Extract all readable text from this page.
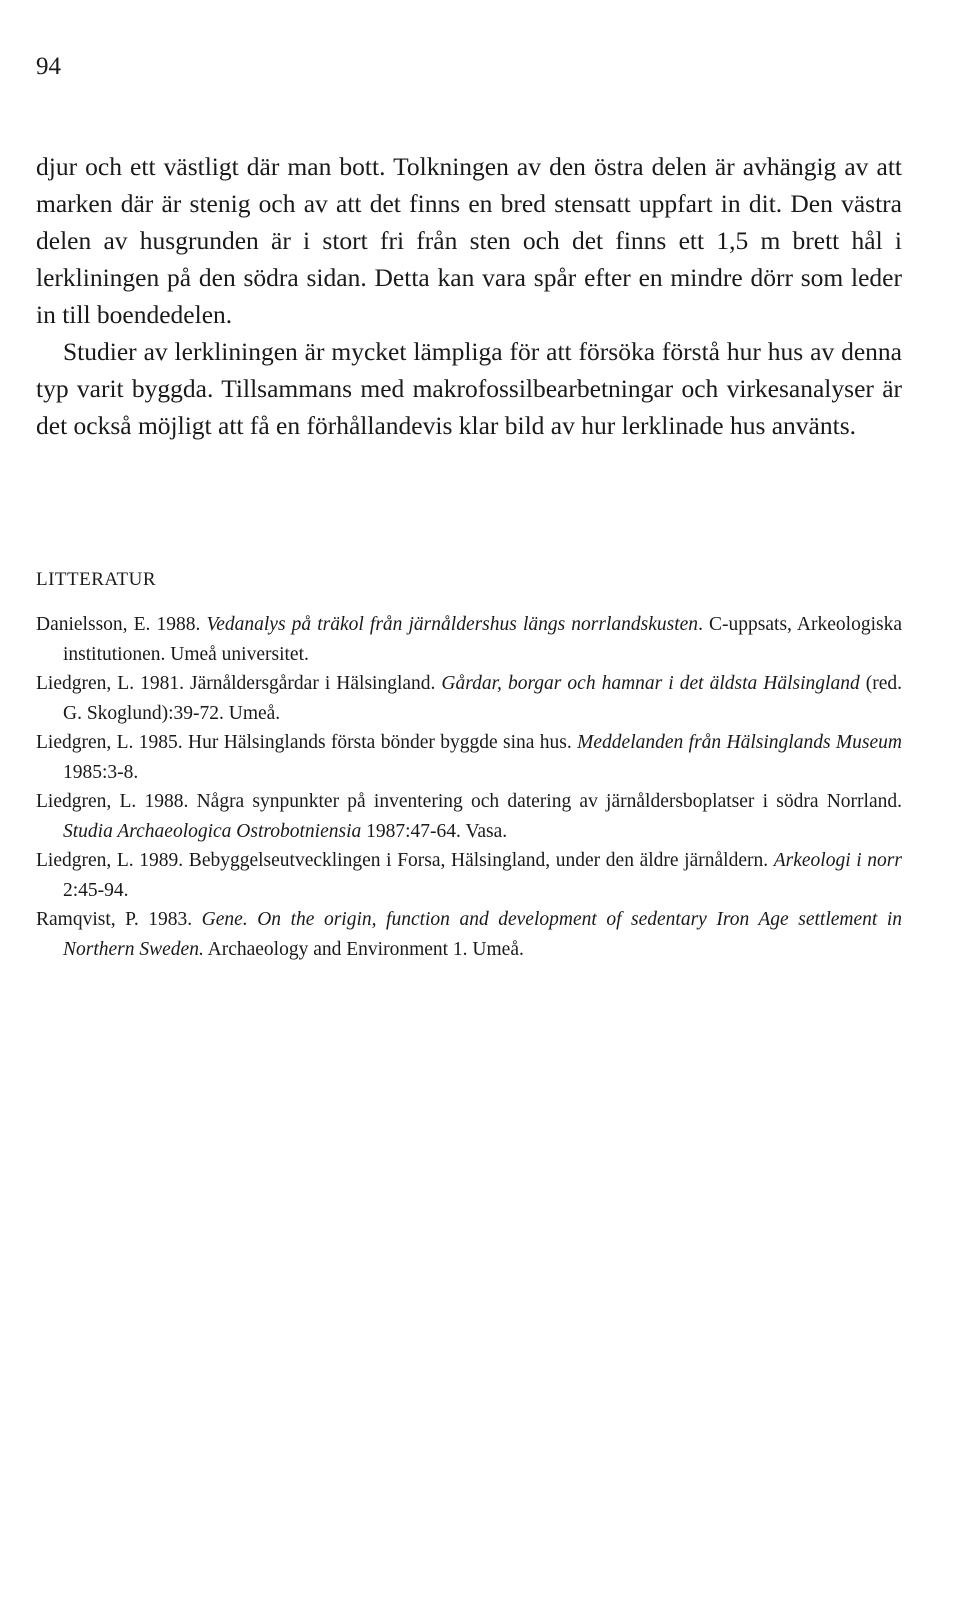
94

djur och ett västligt där man bott. Tolkningen av den östra delen är avhängig av att marken där är stenig och av att det finns en bred stensatt uppfart in dit. Den västra delen av husgrunden är i stort fri från sten och det finns ett 1,5 m brett hål i lerkliningen på den södra sidan. Detta kan vara spår efter en mindre dörr som leder in till boendedelen.

Studier av lerkliningen är mycket lämpliga för att försöka förstå hur hus av denna typ varit byggda. Tillsammans med makrofossilbearbetningar och virkesanalyser är det också möjligt att få en förhållandevis klar bild av hur lerklinade hus använts.

LITTERATUR

Danielsson, E. 1988. Vedanalys på träkol från järnåldershus längs norrlandskusten. C-uppsats, Arkeologiska institutionen. Umeå universitet.

Liedgren, L. 1981. Järnåldersgårdar i Hälsingland. Gårdar, borgar och hamnar i det äldsta Hälsingland (red. G. Skoglund):39-72. Umeå.

Liedgren, L. 1985. Hur Hälsinglands första bönder byggde sina hus. Meddelanden från Hälsinglands Museum 1985:3-8.

Liedgren, L. 1988. Några synpunkter på inventering och datering av järnåldersboplatser i södra Norrland. Studia Archaeologica Ostrobotniensia 1987:47-64. Vasa.

Liedgren, L. 1989. Bebyggelseutvecklingen i Forsa, Hälsingland, under den äldre järnåldern. Arkeologi i norr 2:45-94.

Ramqvist, P. 1983. Gene. On the origin, function and development of sedentary Iron Age settlement in Northern Sweden. Archaeology and Environment 1. Umeå.
